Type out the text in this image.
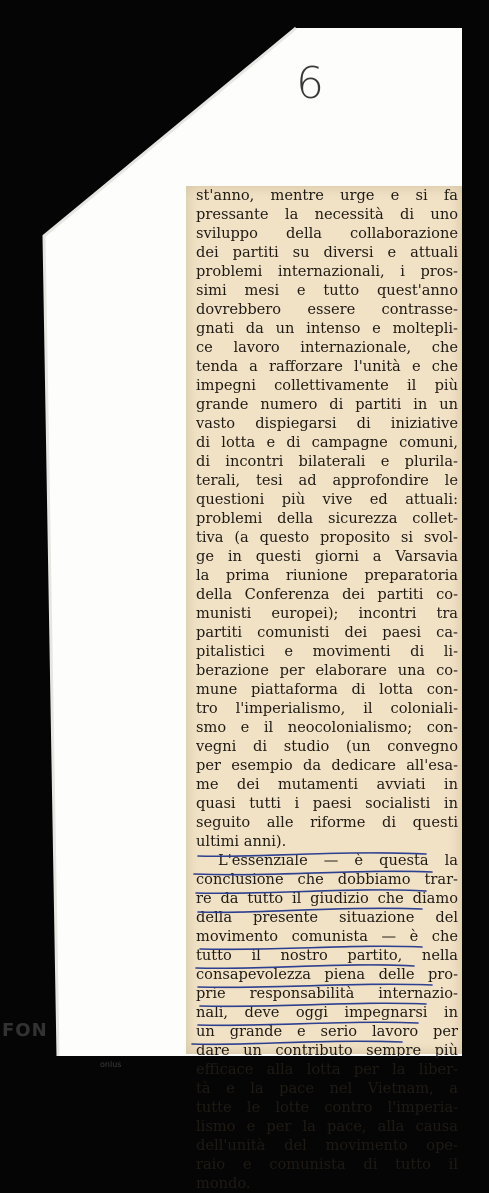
6
st'anno, mentre urge e si fa
pressante la necessità di uno
sviluppo della collaborazione
dei partiti su diversi e attuali
problemi internazionali, i pros-
simi mesi e tutto quest'anno
dovrebbero essere contrasse-
gnati da un intenso e moltepli-
ce lavoro internazionale, che
tenda a rafforzare l'unità e che
impegni collettivamente il più
grande numero di partiti in un
vasto dispiegarsi di iniziative
di lotta e di campagne comuni,
di incontri bilaterali e plurila-
terali, tesi ad approfondire le
questioni più vive ed attuali:
problemi della sicurezza collet-
tiva (a questo proposito si svol-
ge in questi giorni a Varsavia
la prima riunione preparatoria
della Conferenza dei partiti co-
munisti europei); incontri tra
partiti comunisti dei paesi ca-
pitalistici e movimenti di li-
berazione per elaborare una co-
mune piattaforma di lotta con-
tro l'imperialismo, il coloniali-
smo e il neocolonialismo; con-
vegni di studio (un convegno
per esempio da dedicare all'esa-
me dei mutamenti avviati in
quasi tutti i paesi socialisti in
seguito alle riforme di questi
ultimi anni).
L'essenziale — è questa la
conclusione che dobbiamo trar-
re da tutto il giudizio che diamo
della presente situazione del
movimento comunista — è che
tutto il nostro partito, nella
consapevolezza piena delle pro-
prie responsabilità internazio-
nali, deve oggi impegnarsi in
un grande e serio lavoro per
dare un contributo sempre più
efficace alla lotta per la liber-
tà e la pace nel Vietnam, a
tutte le lotte contro l'imperia-
lismo e per la pace, alla causa
dell'unità del movimento ope-
raio e comunista di tutto il
mondo.
FON
RAMSCI
onlus
